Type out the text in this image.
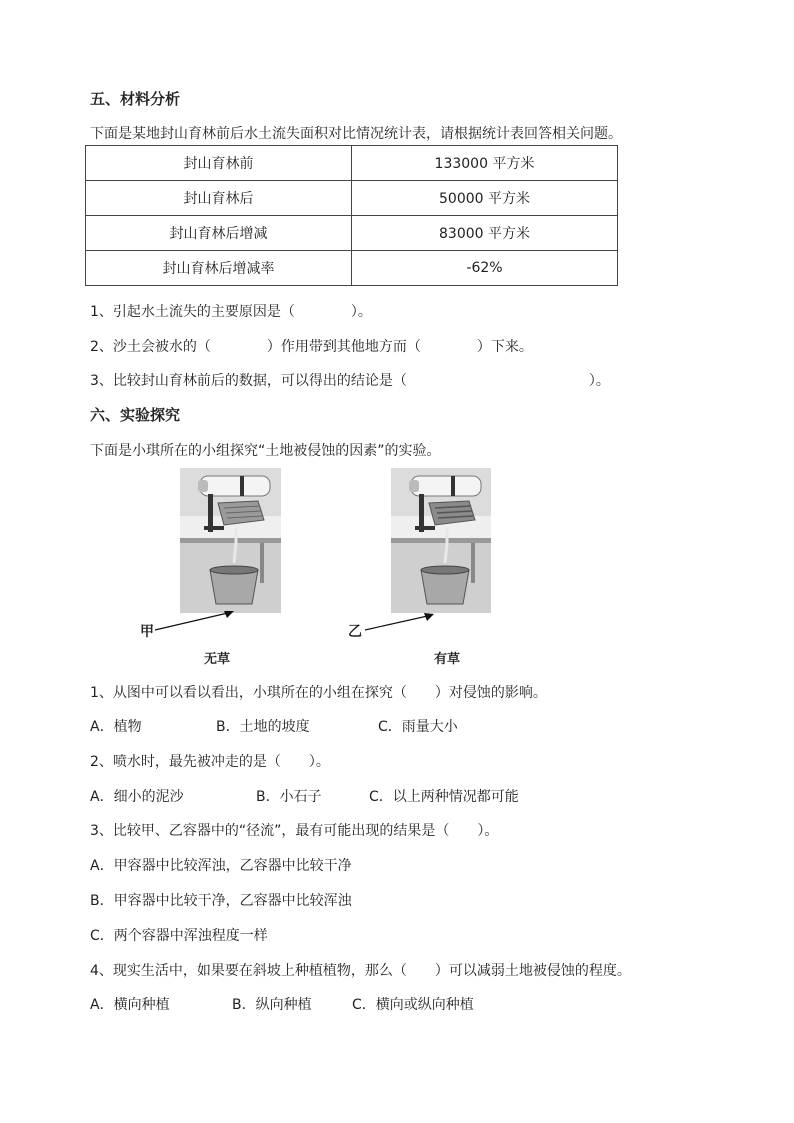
五、材料分析
下面是某地封山育林前后水土流失面积对比情况统计表，请根据统计表回答相关问题。
封山育林前	133000 平方米
封山育林后	50000 平方米
封山育林后增减	83000 平方米
封山育林后增减率	-62%
1、引起水土流失的主要原因是（　　　　）。
2、沙土会被水的（　　　　）作用带到其他地方而（　　　　）下来。
3、比较封山育林前后的数据，可以得出的结论是（　　　　　　　　　　　　　）。
六、实验探究
下面是小琪所在的小组探究“土地被侵蚀的因素”的实验。
甲	乙
无草	有草
1、从图中可以看以看出，小琪所在的小组在探究（　　）对侵蚀的影响。
A．植物	B．土地的坡度	C．雨量大小
2、喷水时，最先被冲走的是（　　）。
A．细小的泥沙	B．小石子	C．以上两种情况都可能
3、比较甲、乙容器中的“径流”，最有可能出现的结果是（　　）。
A．甲容器中比较浑浊，乙容器中比较干净
B．甲容器中比较干净，乙容器中比较浑浊
C．两个容器中浑浊程度一样
4、现实生活中，如果要在斜坡上种植植物，那么（　　）可以减弱土地被侵蚀的程度。
A．横向种植	B．纵向种植	C．横向或纵向种植
